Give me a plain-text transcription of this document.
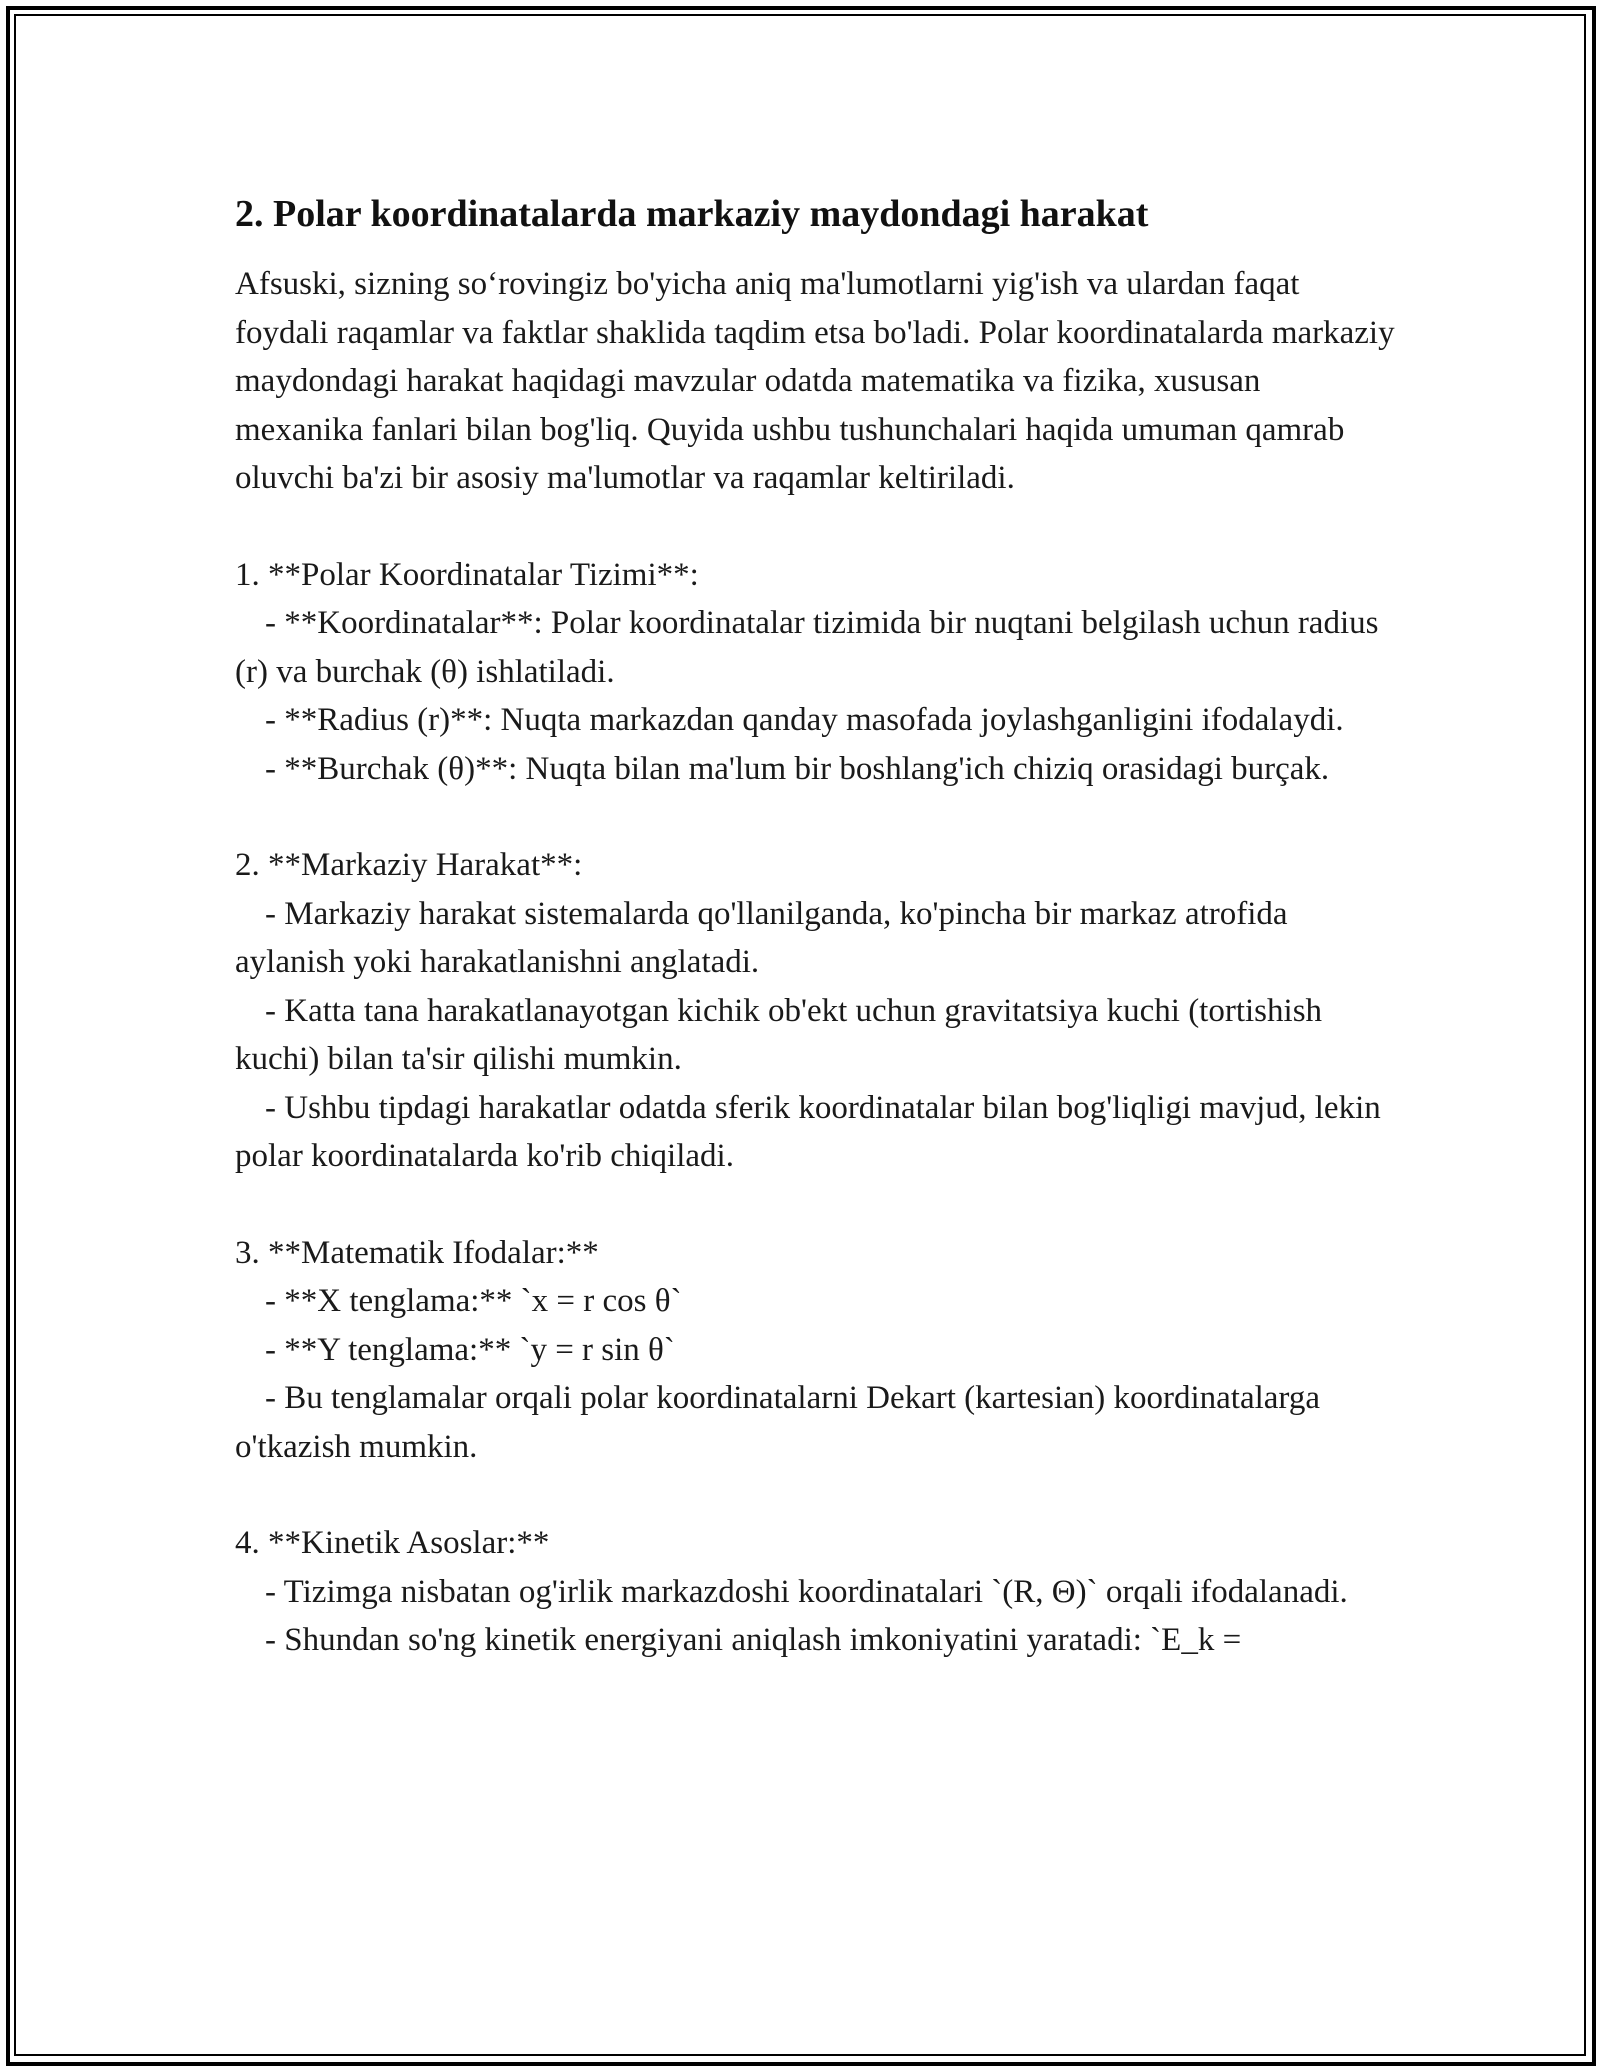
2. Polar koordinatalarda markaziy maydondagi harakat
Afsuski, sizning so‘rovingiz bo'yicha aniq ma'lumotlarni yig'ish va ulardan faqat foydali raqamlar va faktlar shaklida taqdim etsa bo'ladi. Polar koordinatalarda markaziy maydondagi harakat haqidagi mavzular odatda matematika va fizika, xususan mexanika fanlari bilan bog'liq. Quyida ushbu tushunchalari haqida umuman qamrab oluvchi ba'zi bir asosiy ma'lumotlar va raqamlar keltiriladi.
1. **Polar Koordinatalar Tizimi**:
- **Koordinatalar**: Polar koordinatalar tizimida bir nuqtani belgilash uchun radius (r) va burchak (θ) ishlatiladi.
- **Radius (r)**: Nuqta markazdan qanday masofada joylashganligini ifodalaydi.
- **Burchak (θ)**: Nuqta bilan ma'lum bir boshlang'ich chiziq orasidagi burçak.
2. **Markaziy Harakat**:
- Markaziy harakat sistemalarda qo'llanilganda, ko'pincha bir markaz atrofida aylanish yoki harakatlanishni anglatadi.
- Katta tana harakatlanayotgan kichik ob'ekt uchun gravitatsiya kuchi (tortishish kuchi) bilan ta'sir qilishi mumkin.
- Ushbu tipdagi harakatlar odatda sferik koordinatalar bilan bog'liqligi mavjud, lekin polar koordinatalarda ko'rib chiqiladi.
3. **Matematik Ifodalar:**
- **X tenglama:** `x = r cos θ`
- **Y tenglama:** `y = r sin θ`
- Bu tenglamalar orqali polar koordinatalarni Dekart (kartesian) koordinatalarga o'tkazish mumkin.
4. **Kinetik Asoslar:**
- Tizimga nisbatan og'irlik markazdoshi koordinatalari `(R, Θ)` orqali ifodalanadi.
- Shundan so'ng kinetik energiyani aniqlash imkoniyatini yaratadi: `E_k =
